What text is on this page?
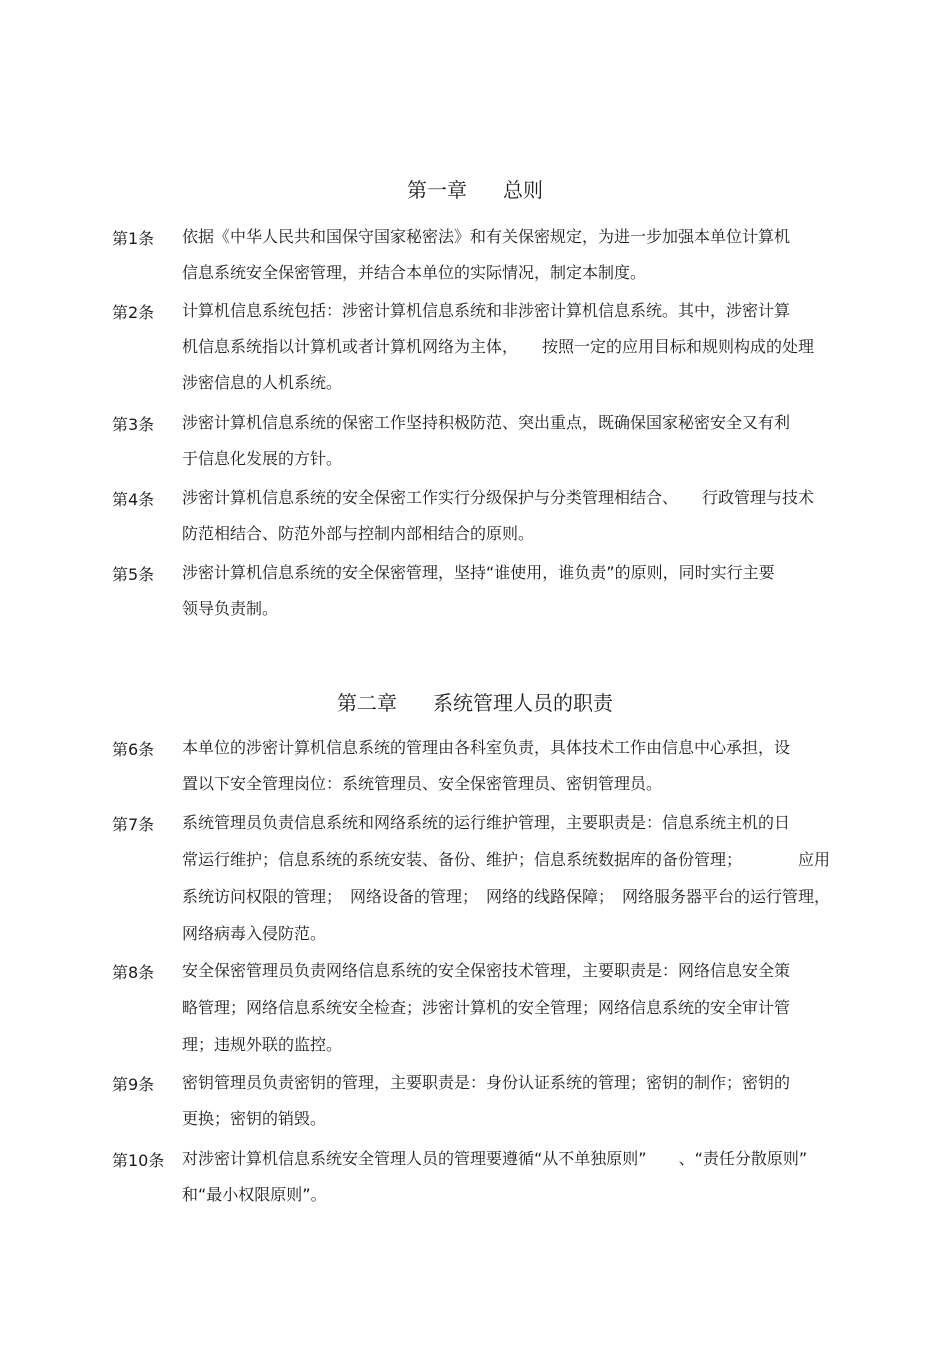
第一章 总则
第1条 依据《中华人民共和国保守国家秘密法》和有关保密规定，为进一步加强本单位计算机
信息系统安全保密管理，并结合本单位的实际情况，制定本制度。
第2条 计算机信息系统包括：涉密计算机信息系统和非涉密计算机信息系统。其中，涉密计算
机信息系统指以计算机或者计算机网络为主体，　　按照一定的应用目标和规则构成的处理
涉密信息的人机系统。
第3条 涉密计算机信息系统的保密工作坚持积极防范、突出重点，既确保国家秘密安全又有利
于信息化发展的方针。
第4条 涉密计算机信息系统的安全保密工作实行分级保护与分类管理相结合、　　行政管理与技术
防范相结合、防范外部与控制内部相结合的原则。
第5条 涉密计算机信息系统的安全保密管理，坚持“谁使用，谁负责”的原则，同时实行主要
领导负责制。
第二章 系统管理人员的职责
第6条 本单位的涉密计算机信息系统的管理由各科室负责，具体技术工作由信息中心承担，设
置以下安全管理岗位：系统管理员、安全保密管理员、密钥管理员。
第7条 系统管理员负责信息系统和网络系统的运行维护管理，主要职责是：信息系统主机的日
常运行维护；信息系统的系统安装、备份、维护；信息系统数据库的备份管理；　　　　应用
系统访问权限的管理；　网络设备的管理；　网络的线路保障；　网络服务器平台的运行管理，
网络病毒入侵防范。
第8条 安全保密管理员负责网络信息系统的安全保密技术管理，主要职责是：网络信息安全策
略管理；网络信息系统安全检查；涉密计算机的安全管理；网络信息系统的安全审计管
理；违规外联的监控。
第9条 密钥管理员负责密钥的管理，主要职责是：身份认证系统的管理；密钥的制作；密钥的
更换；密钥的销毁。
第10条 对涉密计算机信息系统安全管理人员的管理要遵循“从不单独原则”　　、“责任分散原则”
和“最小权限原则”。
